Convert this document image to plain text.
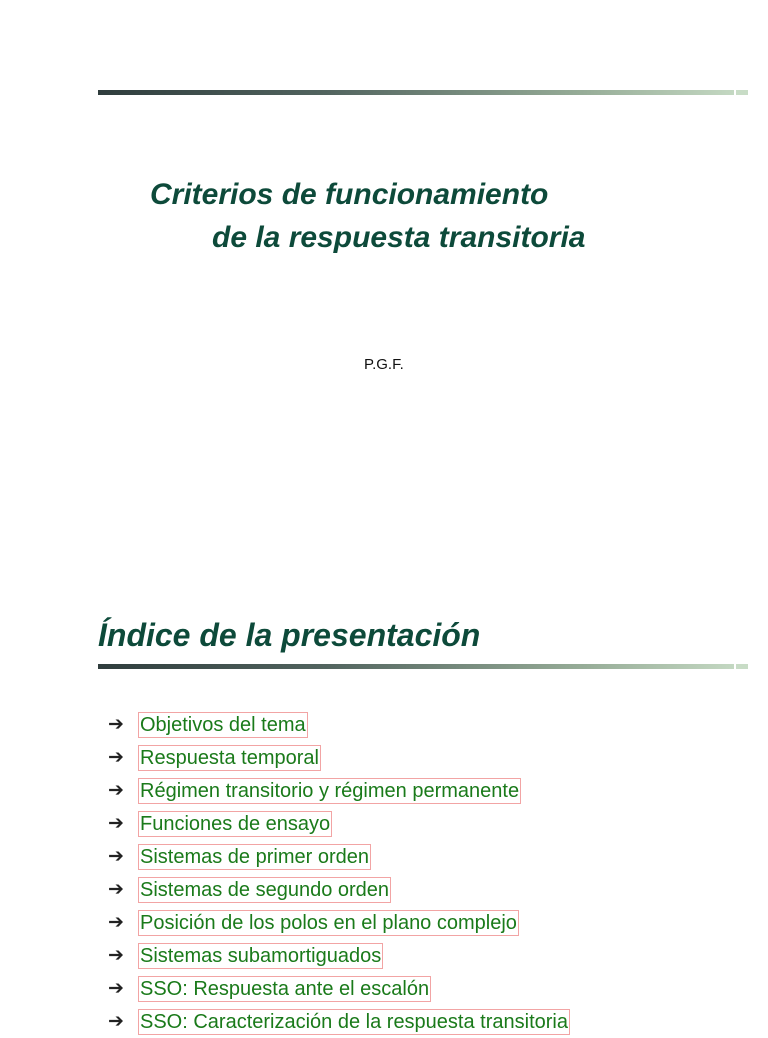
Criterios de funcionamiento
de la respuesta transitoria

P.G.F.

Índice de la presentación
➔ Objetivos del tema
➔ Respuesta temporal
➔ Régimen transitorio y régimen permanente
➔ Funciones de ensayo
➔ Sistemas de primer orden
➔ Sistemas de segundo orden
➔ Posición de los polos en el plano complejo
➔ Sistemas subamortiguados
➔ SSO: Respuesta ante el escalón
➔ SSO: Caracterización de la respuesta transitoria
